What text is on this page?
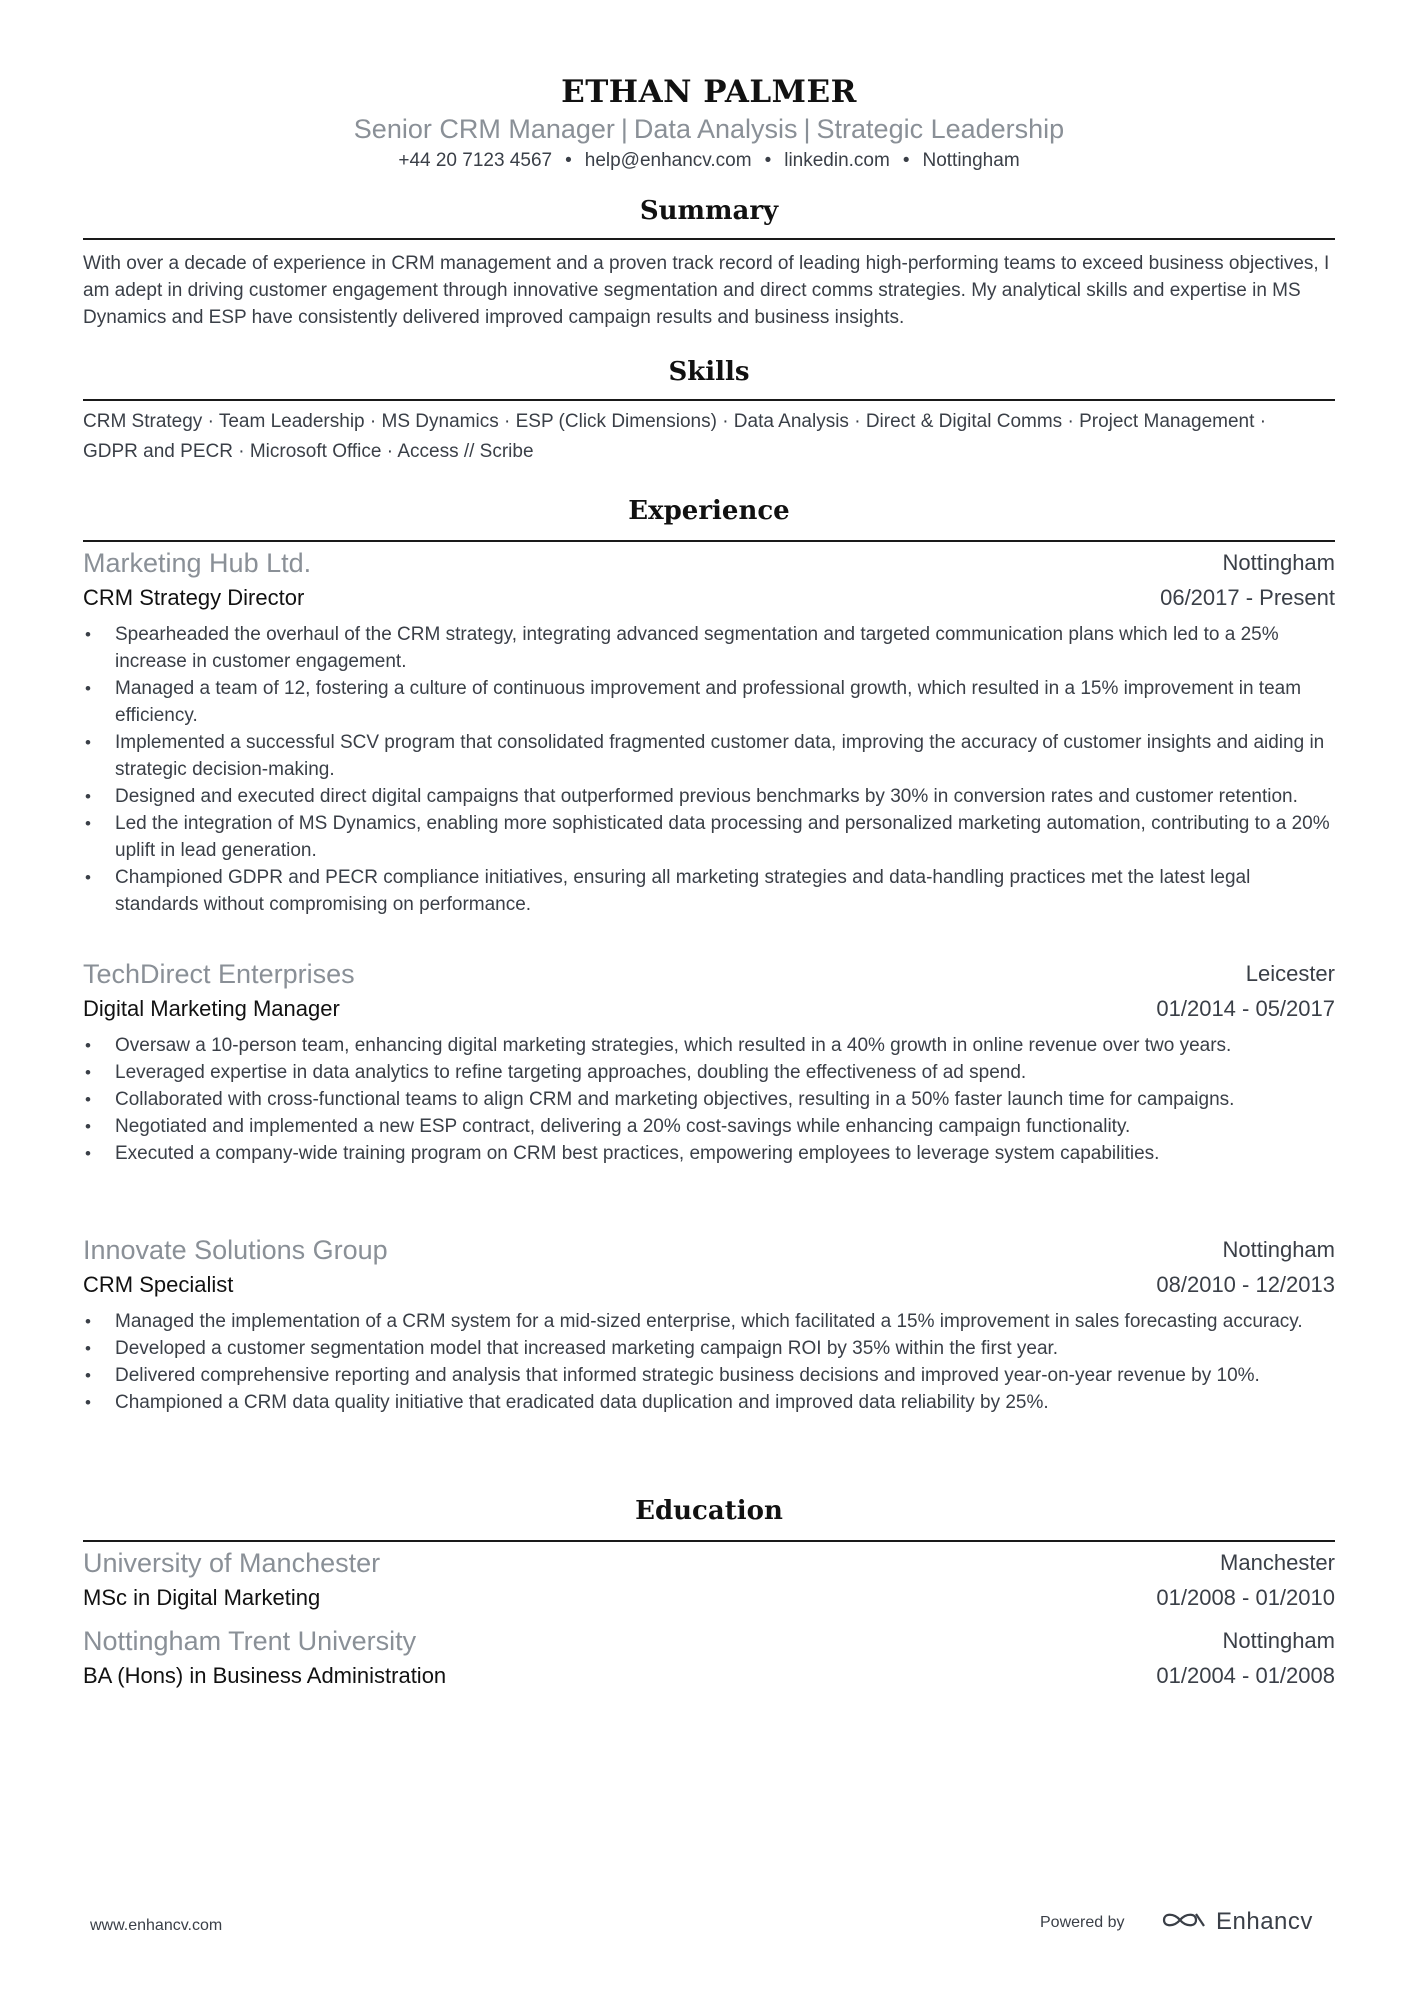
ETHAN PALMER
Senior CRM Manager | Data Analysis | Strategic Leadership
+44 20 7123 4567 • help@enhancv.com • linkedin.com • Nottingham
Summary

With over a decade of experience in CRM management and a proven track record of leading high-performing teams to exceed business objectives, I am adept in driving customer engagement through innovative segmentation and direct comms strategies. My analytical skills and expertise in MS Dynamics and ESP have consistently delivered improved campaign results and business insights.

Skills
CRM Strategy · Team Leadership · MS Dynamics · ESP (Click Dimensions) · Data Analysis · Direct & Digital Comms · Project Management · GDPR and PECR · Microsoft Office · Access // Scribe
Experience
Marketing Hub Ltd.	Nottingham
CRM Strategy Director	06/2017 - Present
• Spearheaded the overhaul of the CRM strategy, integrating advanced segmentation and targeted communication plans which led to a 25% increase in customer engagement.
• Managed a team of 12, fostering a culture of continuous improvement and professional growth, which resulted in a 15% improvement in team efficiency.
• Implemented a successful SCV program that consolidated fragmented customer data, improving the accuracy of customer insights and aiding in strategic decision-making.
• Designed and executed direct digital campaigns that outperformed previous benchmarks by 30% in conversion rates and customer retention.
• Led the integration of MS Dynamics, enabling more sophisticated data processing and personalized marketing automation, contributing to a 20% uplift in lead generation.
• Championed GDPR and PECR compliance initiatives, ensuring all marketing strategies and data-handling practices met the latest legal standards without compromising on performance.
TechDirect Enterprises	Leicester
Digital Marketing Manager	01/2014 - 05/2017
• Oversaw a 10-person team, enhancing digital marketing strategies, which resulted in a 40% growth in online revenue over two years.
• Leveraged expertise in data analytics to refine targeting approaches, doubling the effectiveness of ad spend.
• Collaborated with cross-functional teams to align CRM and marketing objectives, resulting in a 50% faster launch time for campaigns.
• Negotiated and implemented a new ESP contract, delivering a 20% cost-savings while enhancing campaign functionality.
• Executed a company-wide training program on CRM best practices, empowering employees to leverage system capabilities.
Innovate Solutions Group	Nottingham
CRM Specialist	08/2010 - 12/2013
• Managed the implementation of a CRM system for a mid-sized enterprise, which facilitated a 15% improvement in sales forecasting accuracy.
• Developed a customer segmentation model that increased marketing campaign ROI by 35% within the first year.
• Delivered comprehensive reporting and analysis that informed strategic business decisions and improved year-on-year revenue by 10%.
• Championed a CRM data quality initiative that eradicated data duplication and improved data reliability by 25%.
Education
University of Manchester	Manchester
MSc in Digital Marketing	01/2008 - 01/2010
Nottingham Trent University	Nottingham
BA (Hons) in Business Administration	01/2004 - 01/2008
www.enhancv.com	Powered by	Enhancv
